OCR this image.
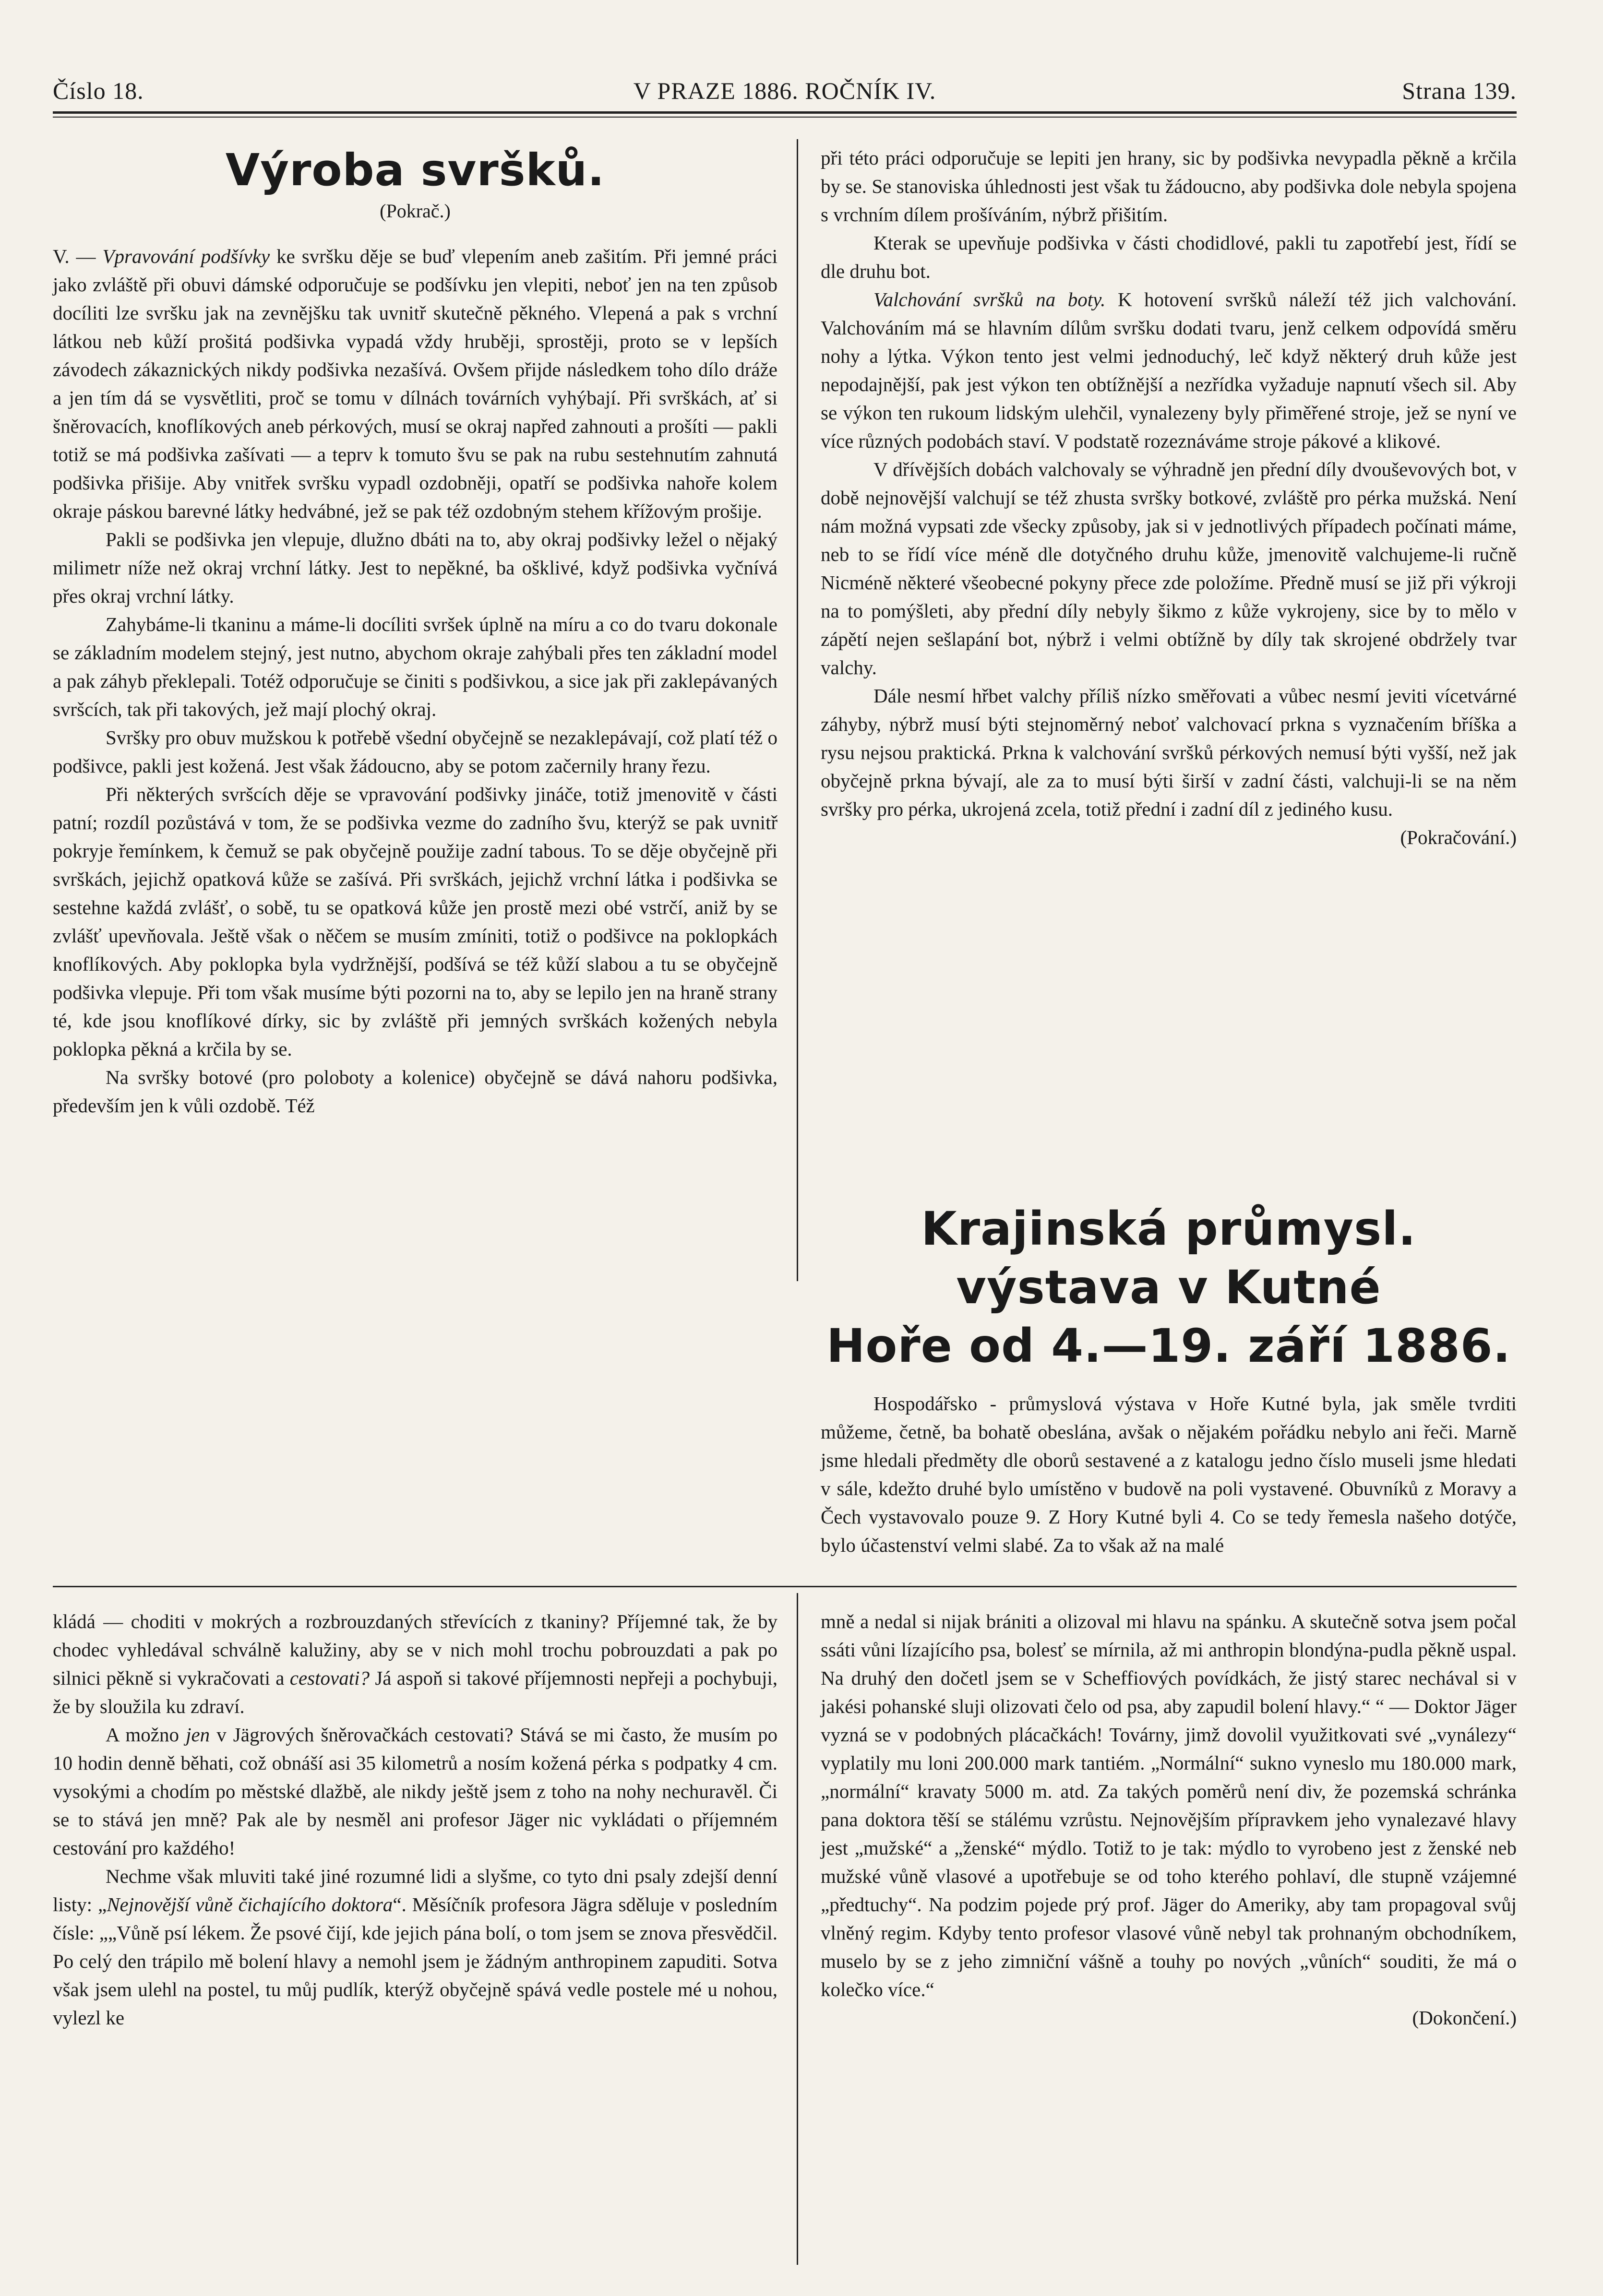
Číslo 18.	V PRAZE 1886. ROČNÍK IV.	Strana 139.
Výroba svršků.

(Pokrač.)

V. — Vpravování podšívky ke svršku děje se buď vlepením aneb zašitím. Při jemné práci jako zvláště při obuvi dámské odporučuje se podšívku jen vlepiti, neboť jen na ten způsob docíliti lze svršku jak na zevnějšku tak uvnitř skutečně pěkného. Vlepená a pak s vrchní látkou neb kůží prošitá podšivka vypadá vždy hruběji, sprostěji, proto se v lepších závodech zákaznických nikdy podšivka nezašívá. Ovšem přijde následkem toho dílo dráže a jen tím dá se vysvětliti, proč se tomu v dílnách továrních vyhýbají. Při svrškách, ať si šněrovacích, knoflíkových aneb pérkových, musí se okraj napřed zahnouti a prošíti — pakli totiž se má podšivka zašívati — a teprv k tomuto švu se pak na rubu sestehnutím zahnutá podšivka přišije. Aby vnitřek svršku vypadl ozdobněji, opatří se podšivka nahoře kolem okraje páskou barevné látky hedvábné, jež se pak též ozdobným stehem křížovým prošije.

Pakli se podšivka jen vlepuje, dlužno dbáti na to, aby okraj podšivky ležel o nějaký milimetr níže než okraj vrchní látky. Jest to nepěkné, ba ošklivé, když podšivka vyčnívá přes okraj vrchní látky.

Zahybáme-li tkaninu a máme-li docíliti svršek úplně na míru a co do tvaru dokonale se základním modelem stejný, jest nutno, abychom okraje zahýbali přes ten základní model a pak záhyb překlepali. Totéž odporučuje se činiti s podšivkou, a sice jak při zaklepávaných svršcích, tak při takových, jež mají plochý okraj.

Svršky pro obuv mužskou k potřebě všední obyčejně se nezaklepávají, což platí též o podšivce, pakli jest kožená. Jest však žádoucno, aby se potom začernily hrany řezu.

Při některých svršcích děje se vpravování podšivky jináče, totiž jmenovitě v části patní; rozdíl pozůstává v tom, že se podšivka vezme do zadního švu, kterýž se pak uvnitř pokryje řemínkem, k čemuž se pak obyčejně použije zadní tabous. To se děje obyčejně při svrškách, jejichž opatková kůže se zašívá. Při svrškách, jejichž vrchní látka i podšivka se sestehne každá zvlášť, o sobě, tu se opatková kůže jen prostě mezi obé vstrčí, aniž by se zvlášť upevňovala. Ještě však o něčem se musím zmíniti, totiž o podšivce na poklopkách knoflíkových. Aby poklopka byla vydržnější, podšívá se též kůží slabou a tu se obyčejně podšivka vlepuje. Při tom však musíme býti pozorni na to, aby se lepilo jen na hraně strany té, kde jsou knoflíkové dírky, sic by zvláště při jemných svrškách kožených nebyla poklopka pěkná a krčila by se.

Na svršky botové (pro polobotу a kolenice) obyčejně se dává nahoru podšivka, především jen k vůli ozdobě. Též

při této práci odporučuje se lepiti jen hrany, sic by podšivka nevypadla pěkně a krčila by se. Se stanoviska úhlednosti jest však tu žádoucno, aby podšivka dole nebyla spojena s vrchním dílem prošíváním, nýbrž přišitím.

Kterak se upevňuje podšivka v části chodidlové, pakli tu zapotřebí jest, řídí se dle druhu bot.

Valchování svršků na boty. K hotovení svršků náleží též jich valchování. Valchováním má se hlavním dílům svršku dodati tvaru, jenž celkem odpovídá směru nohy a lýtka. Výkon tento jest velmi jednoduchý, leč když některý druh kůže jest nepodajnější, pak jest výkon ten obtížnější a nezřídka vyžaduje napnutí všech sil. Aby se výkon ten rukoum lidským ulehčil, vynalezeny byly přiměřené stroje, jež se nyní ve více různých podobách staví. V podstatě rozeznáváme stroje pákové a klikové.

V dřívějších dobách valchovaly se výhradně jen přední díly dvouševových bot, v době nejnovější valchují se též zhusta svršky botkové, zvláště pro pérka mužská. Není nám možná vypsati zde všecky způsoby, jak si v jednotlivých případech počínati máme, neb to se řídí více méně dle dotyčného druhu kůže, jmenovitě valchujeme-li ručně Nicméně některé všeobecné pokyny přece zde položíme. Předně musí se již při výkroji na to pomýšleti, aby přední díly nebyly šikmo z kůže vykrojeny, sice by to mělo v zápětí nejen sešlapání bot, nýbrž i velmi obtížně by díly tak skrojené obdržely tvar valchy.

Dále nesmí hřbet valchy příliš nízko směřovati a vůbec nesmí jeviti vícetvárné záhyby, nýbrž musí býti stejnoměrný neboť valchovací prkna s vyznačením bříška a rysu nejsou praktická. Prkna k valchování svršků pérkových nemusí býti vyšší, než jak obyčejně prkna bývají, ale za to musí býti širší v zadní části, valchuji-li se na něm svršky pro pérka, ukrojená zcela, totiž přední i zadní díl z jediného kusu.

(Pokračování.)

Krajinská průmysl. výstava v Kutné
Hoře od 4.—19. září 1886.

Hospodářsko - průmyslová výstava v Hoře Kutné byla, jak směle tvrditi můžeme, četně, ba bohatě obeslána, avšak o nějakém pořádku nebylo ani řeči. Marně jsme hledali předměty dle oborů sestavené a z katalogu jedno číslo museli jsme hledati v sále, kdežto druhé bylo umístěno v budově na poli vystavené. Obuvníků z Moravy a Čech vystavovalo pouze 9. Z Hory Kutné byli 4. Co se tedy řemesla našeho dotýče, bylo účastenství velmi slabé. Za to však až na malé

kládá — choditi v mokrých a rozbrouzdaných střevících z tkaniny? Příjemné tak, že by chodec vyhledával schválně kalužiny, aby se v nich mohl trochu pobrouzdati a pak po silnici pěkně si vykračovati a cestovati? Já aspoň si takové příjemnosti nepřeji a pochybuji, že by sloužila ku zdraví.

A možno jen v Jägrových šněrovačkách cestovati? Stává se mi často, že musím po 10 hodin denně běhati, což obnáší asi 35 kilometrů a nosím kožená pérka s podpatky 4 cm. vysokými a chodím po městské dlažbě, ale nikdy ještě jsem z toho na nohy nechuravěl. Či se to stává jen mně? Pak ale by nesměl ani profesor Jäger nic vykládati o příjemném cestování pro každého!

Nechme však mluviti také jiné rozumné lidi a slyšme, co tyto dni psaly zdejší denní listy: „Nejnovější vůně čichajícího doktora“. Měsíčník profesora Jägra sděluje v posledním čísle: „„Vůně psí lékem. Že psové čijí, kde jejich pána bolí, o tom jsem se znova přesvědčil. Po celý den trápilo mě bolení hlavy a nemohl jsem je žádným anthropinem zapuditi. Sotva však jsem ulehl na postel, tu můj pudlík, kterýž obyčejně spává vedle postele mé u nohou, vylezl ke

mně a nedal si nijak brániti a olizoval mi hlavu na spánku. A skutečně sotva jsem počal ssáti vůni lízajícího psa, bolesť se mírnila, až mi anthropin blondýna-pudla pěkně uspal. Na druhý den dočetl jsem se v Scheffiových povídkách, že jistý starec nechával si v jakési pohanské sluji olizovati čelo od psa, aby zapudil bolení hlavy.“ “ — Doktor Jäger vyzná se v podobných plácačkách! Továrny, jimž dovolil využitkovati své „vynálezy“ vyplatily mu loni 200.000 mark tantiém. „Normální“ sukno vyneslo mu 180.000 mark, „normální“ kravaty 5000 m. atd. Za takých poměrů není div, že pozemská schránka pana doktora těší se stálému vzrůstu. Nejnovějším přípravkem jeho vynalezavé hlavy jest „mužské“ a „ženské“ mýdlo. Totiž to je tak: mýdlo to vyrobeno jest z ženské neb mužské vůně vlasové a upotřebuje se od toho kterého pohlaví, dle stupně vzájemné „předtuchy“. Na podzim pojede prý prof. Jäger do Ameriky, aby tam propagoval svůj vlněný regim. Kdyby tento profesor vlasové vůně nebyl tak prohnaným obchodníkem, muselo by se z jeho zimniční vášně a touhy po nových „vůních“ souditi, že má o kolečko více.“

(Dokončení.)
